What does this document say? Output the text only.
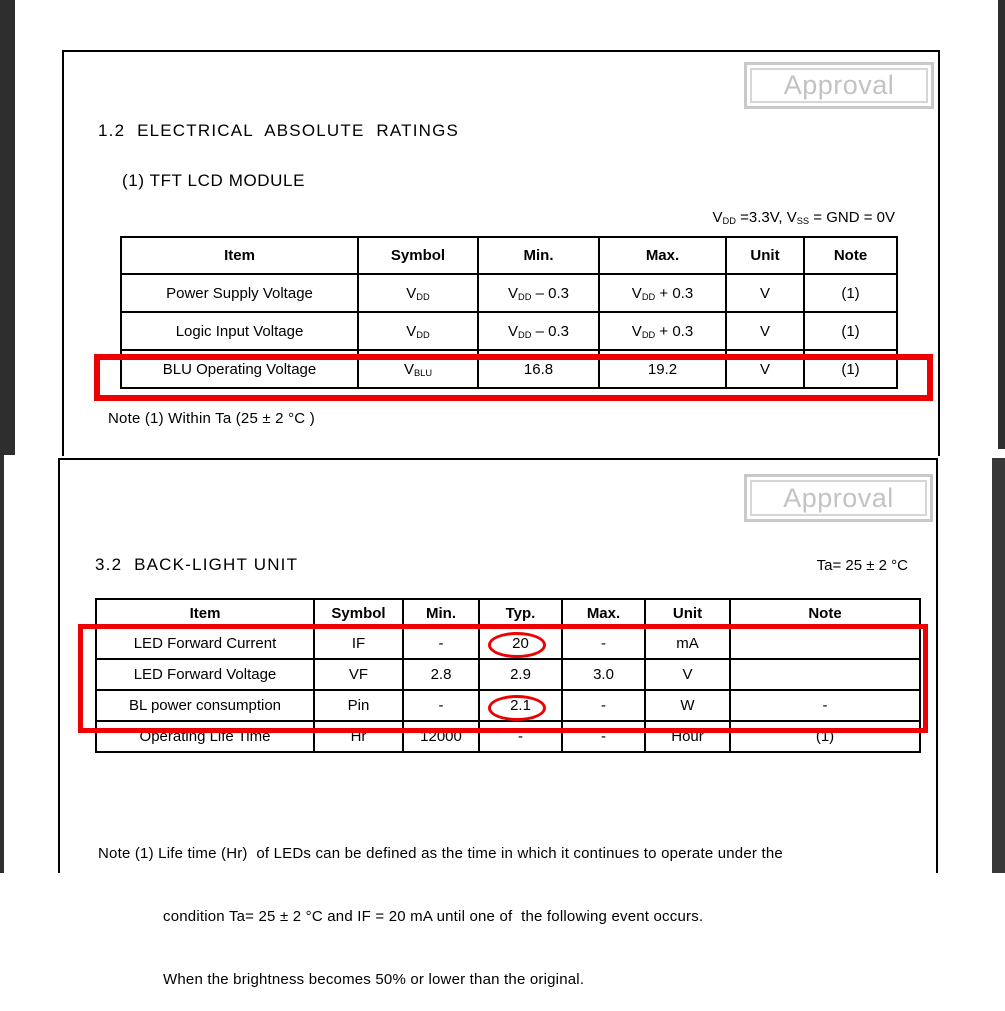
Approval
1.2  ELECTRICAL  ABSOLUTE  RATINGS
(1) TFT LCD MODULE
$V_{DD} =3.3V$, $V_{SS}$ = GND = 0V
Item	Symbol	Min.	Max.	Unit	Note
Power Supply Voltage	$V_{DD}$	$V_{DD} - 0.3$	$V_{DD} + 0.3$	V	(1)
Logic Input Voltage	$V_{DD}$	$V_{DD} - 0.3$	$V_{DD} + 0.3$	V	(1)
BLU Operating Voltage	$V_{BLU}$	16.8	19.2	V	(1)
Note (1) Within Ta (25 ± 2 °C )
Approval
3.2  BACK-LIGHT UNIT	Ta= 25 ± 2 °C
Item	Symbol	Min.	Typ.	Max.	Unit	Note
LED Forward Current	IF	-	20	-	mA	
LED Forward Voltage	VF	2.8	2.9	3.0	V	
BL power consumption	Pin	-	2.1	-	W	-
Operating Life Time	Hr	12000	-	-	Hour	(1)

Note (1) Life time (Hr)  of LEDs can be defined as the time in which it continues to operate under the

condition Ta= 25 ± 2 °C and IF = 20 mA until one of  the following event occurs.

When the brightness becomes 50% or lower than the original.
